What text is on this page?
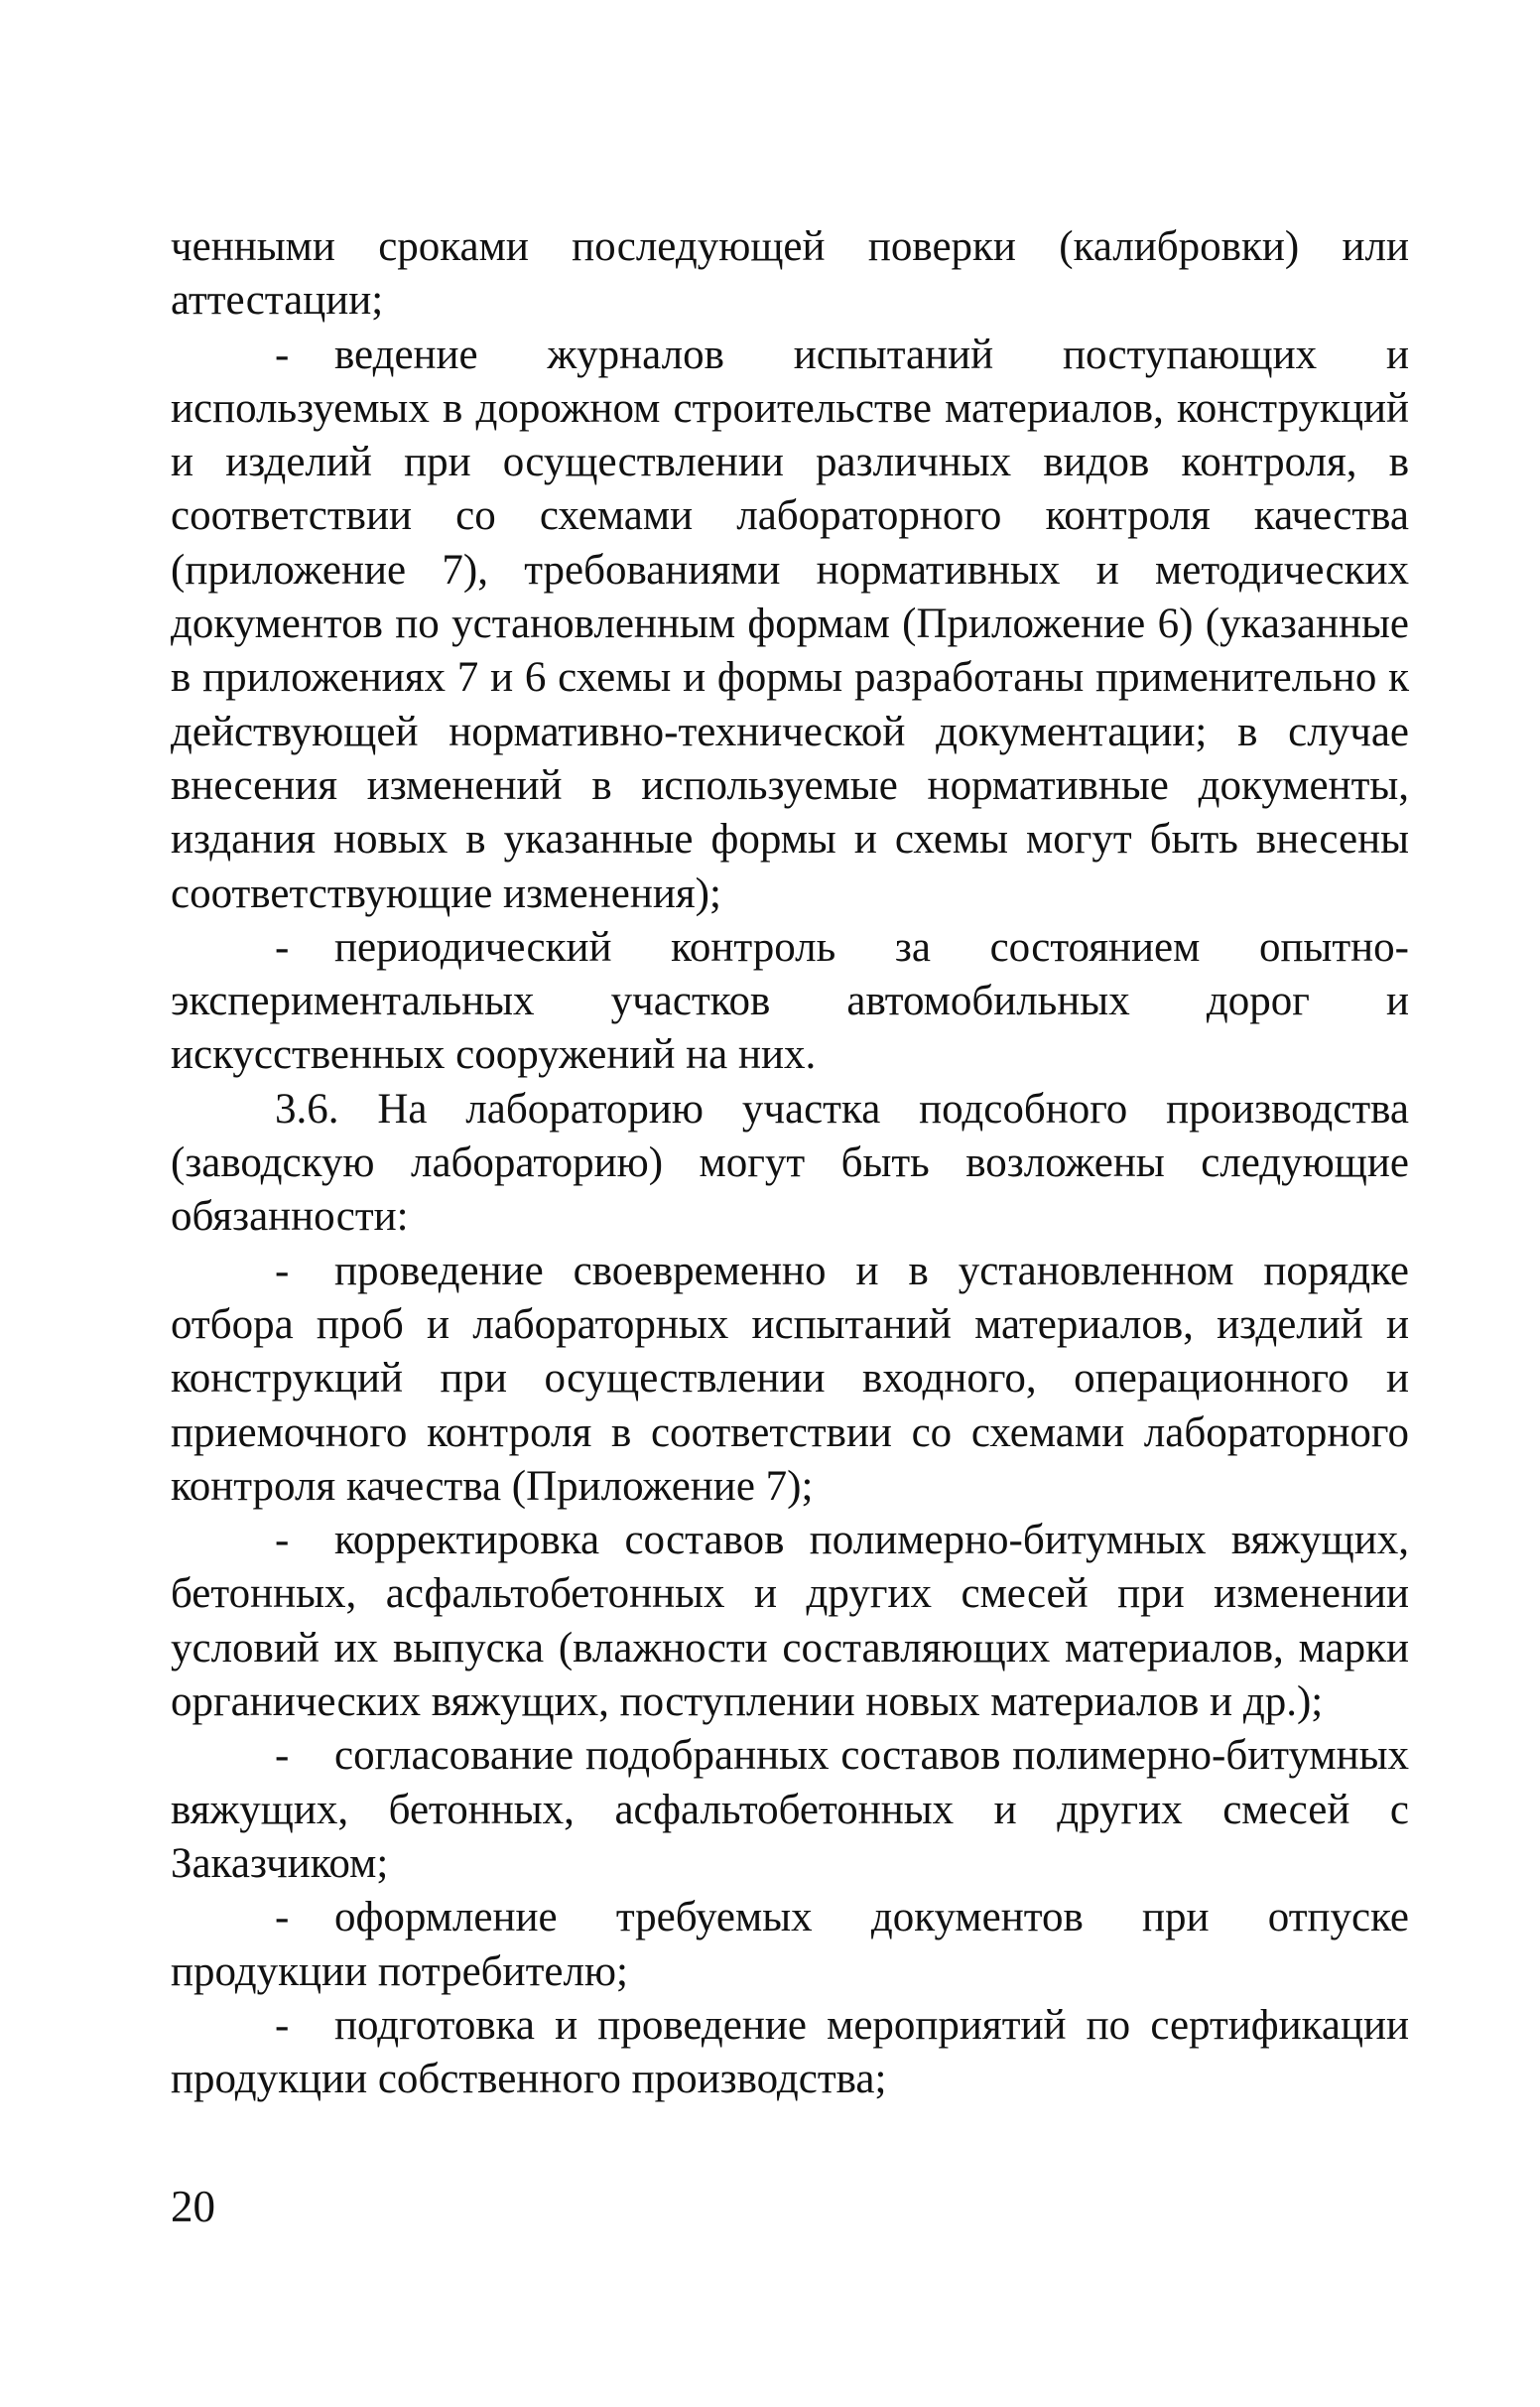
ченными сроками последующей поверки (калибровки) или аттестации;

- ведение журналов испытаний поступающих и используемых в дорожном строительстве материалов, конструкций и изделий при осуществлении различных видов контроля, в соответствии со схемами лабораторного контроля качества (приложение 7), требованиями нормативных и методических документов по установленным формам (Приложение 6) (указанные в приложениях 7 и 6 схемы и формы разработаны применительно к действующей нормативно-технической документации; в случае внесения изменений в используемые нормативные документы, издания новых в указанные формы и схемы могут быть внесены соответствующие изменения);

- периодический контроль за состоянием опытно-экспериментальных участков автомобильных дорог и искусственных сооружений на них.

3.6. На лабораторию участка подсобного производства (заводскую лабораторию) могут быть возложены следующие обязанности:

- проведение своевременно и в установленном порядке отбора проб и лабораторных испытаний материалов, изделий и конструкций при осуществлении входного, операционного и приемочного контроля в соответствии со схемами лабораторного контроля качества (Приложение 7);

- корректировка составов полимерно-битумных вяжущих, бетонных, асфальтобетонных и других смесей при изменении условий их выпуска (влажности составляющих материалов, марки органических вяжущих, поступлении новых материалов и др.);

- согласование подобранных составов полимерно-битумных вяжущих, бетонных, асфальтобетонных и других смесей с Заказчиком;

- оформление требуемых документов при отпуске продукции потребителю;

- подготовка и проведение мероприятий по сертификации продукции собственного производства;

20
